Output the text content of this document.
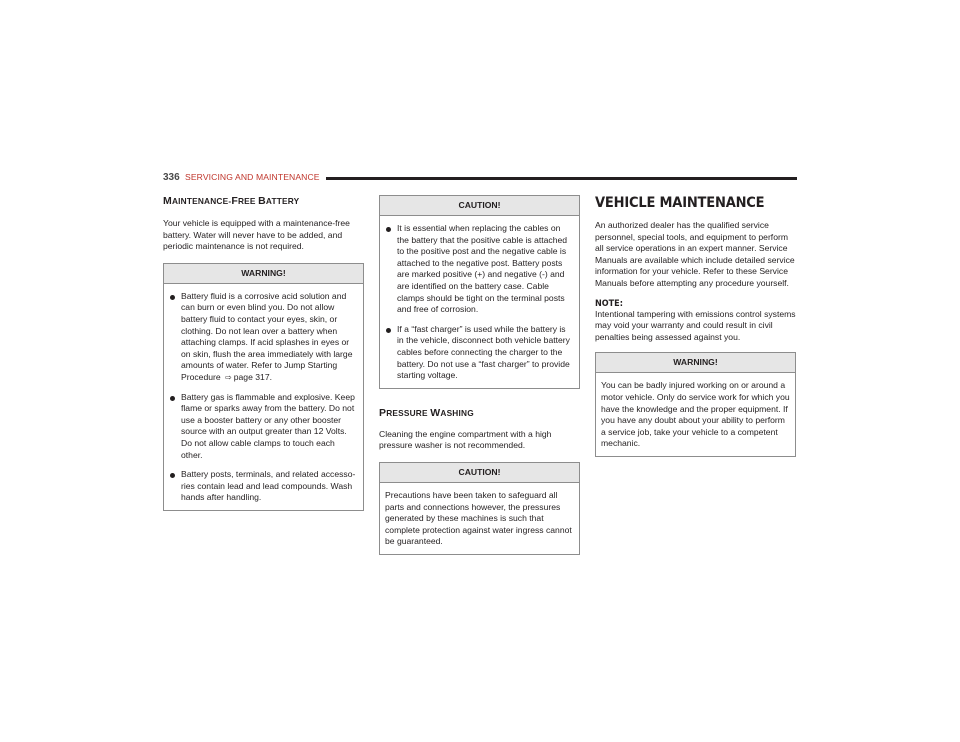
336 SERVICING AND MAINTENANCE
MAINTENANCE-FREE BATTERY

Your vehicle is equipped with a maintenance-free battery. Water will never have to be added, and periodic maintenance is not required.

WARNING!
Battery fluid is a corrosive acid solution and can burn or even blind you. Do not allow battery fluid to contact your eyes, skin, or clothing. Do not lean over a battery when attaching clamps. If acid splashes in eyes or on skin, flush the area immediately with large amounts of water. Refer to Jump Starting Procedure ⇨ page 317.
Battery gas is flammable and explosive. Keep flame or sparks away from the battery. Do not use a booster battery or any other booster source with an output greater than 12 Volts. Do not allow cable clamps to touch each other.
Battery posts, terminals, and related accesso-ries contain lead and lead compounds. Wash hands after handling.
CAUTION!
It is essential when replacing the cables on the battery that the positive cable is attached to the positive post and the negative cable is attached to the negative post. Battery posts are marked positive (+) and negative (-) and are identified on the battery case. Cable clamps should be tight on the terminal posts and free of corrosion.
If a “fast charger” is used while the battery is in the vehicle, disconnect both vehicle battery cables before connecting the charger to the battery. Do not use a “fast charger” to provide starting voltage.
PRESSURE WASHING

Cleaning the engine compartment with a high pressure washer is not recommended.

CAUTION!

Precautions have been taken to safeguard all parts and connections however, the pressures generated by these machines is such that complete protection against water ingress cannot be guaranteed.

VEHICLE MAINTENANCE

An authorized dealer has the qualified service personnel, special tools, and equipment to perform all service operations in an expert manner. Service Manuals are available which include detailed service information for your vehicle. Refer to these Service Manuals before attempting any procedure yourself.

NOTE:

Intentional tampering with emissions control systems may void your warranty and could result in civil penalties being assessed against you.

WARNING!

You can be badly injured working on or around a motor vehicle. Only do service work for which you have the knowledge and the proper equipment. If you have any doubt about your ability to perform a service job, take your vehicle to a competent mechanic.
